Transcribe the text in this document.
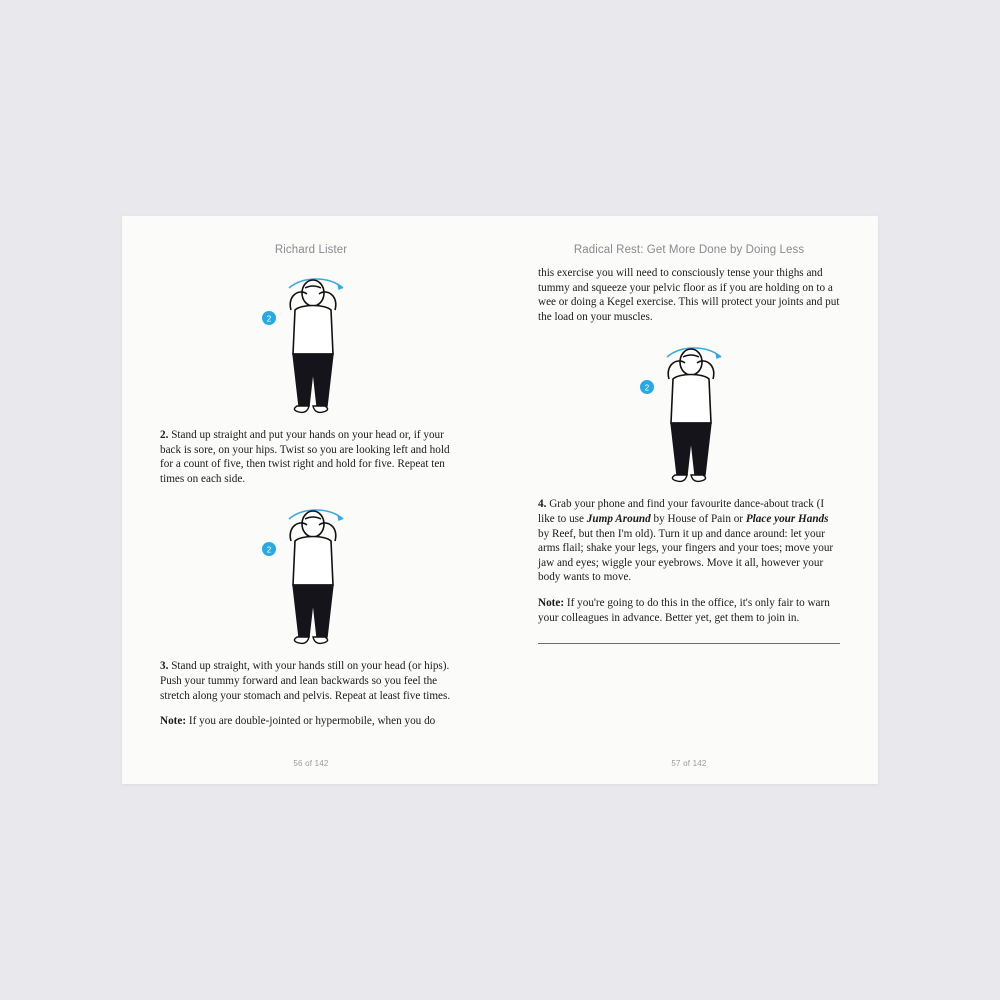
Richard Lister
2

2. Stand up straight and put your hands on your head or, if your back is sore, on your hips. Twist so you are looking left and hold for a count of five, then twist right and hold for five. Repeat ten times on each side.

2

3. Stand up straight, with your hands still on your head (or hips). Push your tummy forward and lean backwards so you feel the stretch along your stomach and pelvis. Repeat at least five times.

Note: If you are double-jointed or hypermobile, when you do

56 of 142
Radical Rest: Get More Done by Doing Less

this exercise you will need to consciously tense your thighs and tummy and squeeze your pelvic floor as if you are holding on to a wee or doing a Kegel exercise. This will protect your joints and put the load on your muscles.

2

4. Grab your phone and find your favourite dance-about track (I like to use Jump Around by House of Pain or Place your Hands by Reef, but then I'm old). Turn it up and dance around: let your arms flail; shake your legs, your fingers and your toes; move your jaw and eyes; wiggle your eyebrows. Move it all, however your body wants to move.

Note: If you're going to do this in the office, it's only fair to warn your colleagues in advance. Better yet, get them to join in.

57 of 142
